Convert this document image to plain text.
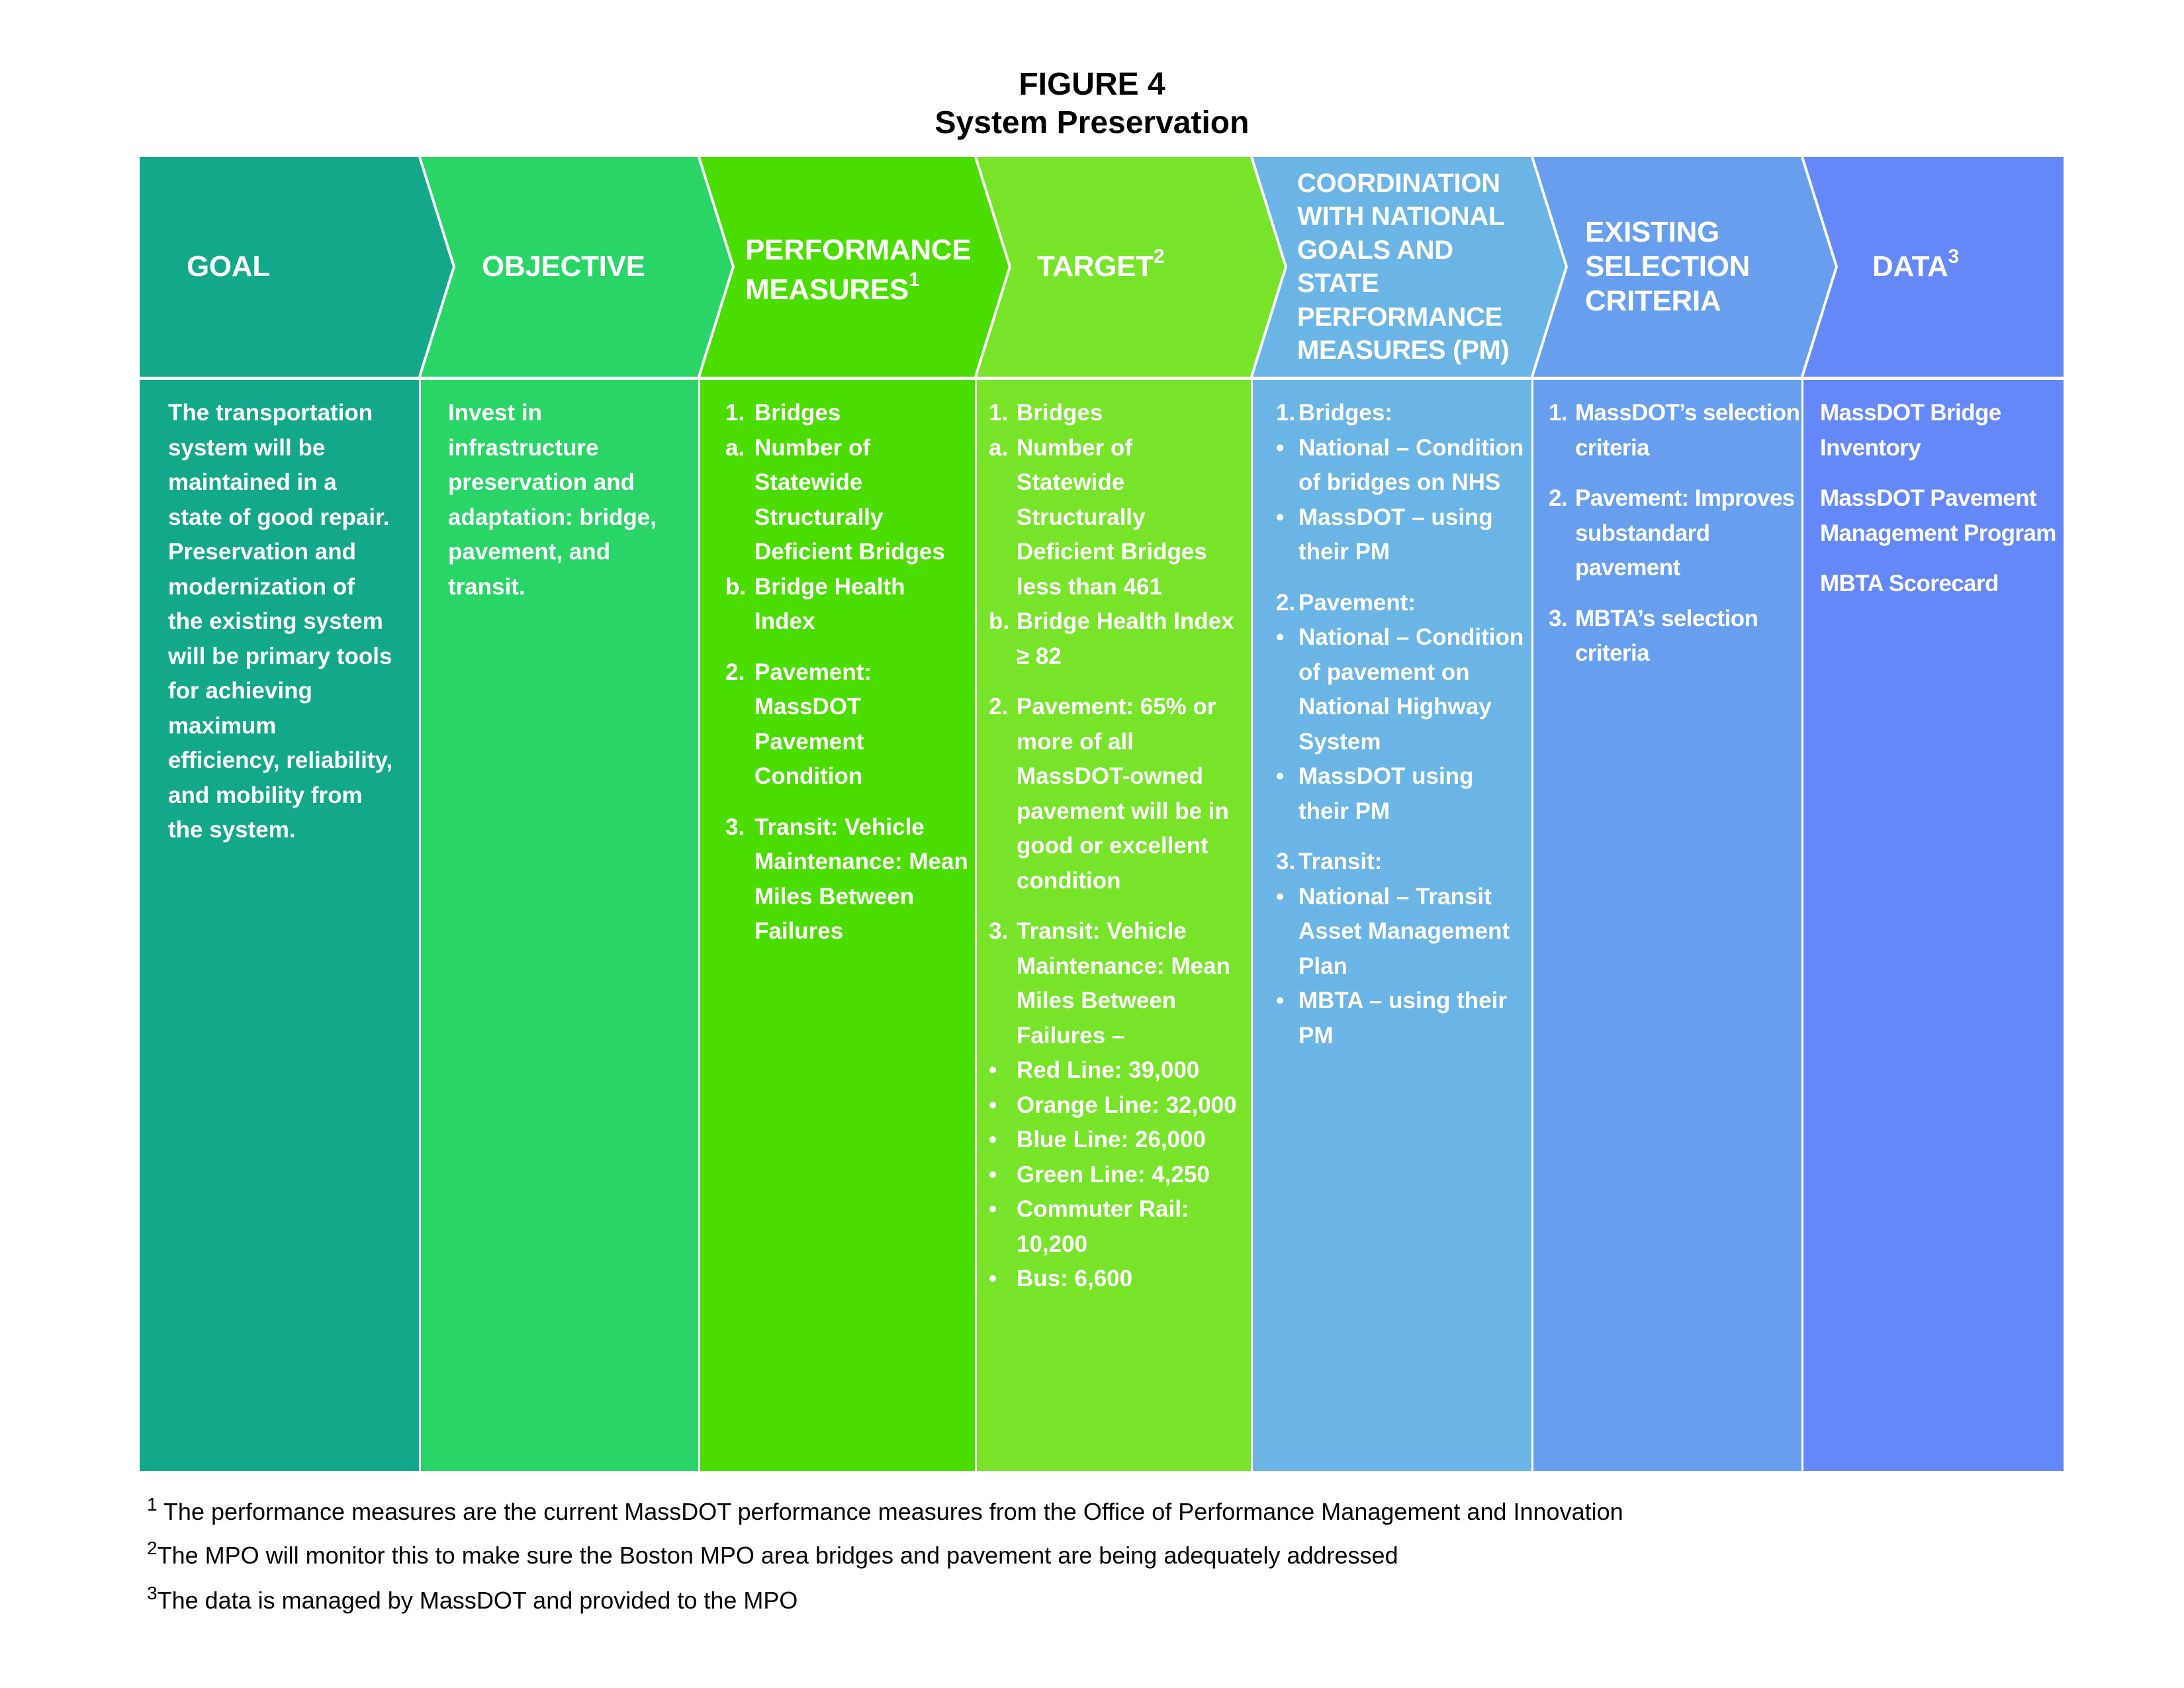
FIGURE 4
System Preservation
GOAL	OBJECTIVE
PERFORMANCE MEASURES$^1$	TARGET$^2$
COORDINATION WITH NATIONAL GOALS AND STATE PERFORMANCE MEASURES (PM)
EXISTING SELECTION CRITERIA
DATA$^3$

The transportation system will be maintained in a state of good repair. Preservation and modernization of the existing system will be primary tools for achieving maximum efficiency, reliability, and mobility from the system.

Invest in infrastructure preservation and adaptation: bridge, pavement, and transit.

1. Bridges
a. Number of Statewide Structurally Deficient Bridges
b. Bridge Health Index
2. Pavement: MassDOT Pavement Condition
3. Transit: Vehicle Maintenance: Mean Miles Between Failures
1. Bridges
a. Number of Statewide Structurally Deficient Bridges less than 461
b. Bridge Health Index ≥ 82
2. Pavement: 65% or more of all MassDOT-owned pavement will be in good or excellent condition
3. Transit: Vehicle Maintenance: Mean Miles Between Failures –
• Red Line: 39,000
• Orange Line: 32,000
• Blue Line: 26,000
• Green Line: 4,250
• Commuter Rail: 10,200
• Bus: 6,600
1. Bridges:
• National – Condition of bridges on NHS
• MassDOT – using their PM
2. Pavement:
• National – Condition of pavement on National Highway System
• MassDOT using their PM
3. Transit:
• National – Transit Asset Management Plan
• MBTA – using their PM
1. MassDOT’s selection criteria
2. Pavement: Improves substandard pavement
3. MBTA’s selection criteria
MassDOT Bridge Inventory
MassDOT Pavement Management Program
MBTA Scorecard
$^1$ The performance measures are the current MassDOT performance measures from the Office of Performance Management and Innovation
$^2$The MPO will monitor this to make sure the Boston MPO area bridges and pavement are being adequately addressed
$^3$The data is managed by MassDOT and provided to the MPO
